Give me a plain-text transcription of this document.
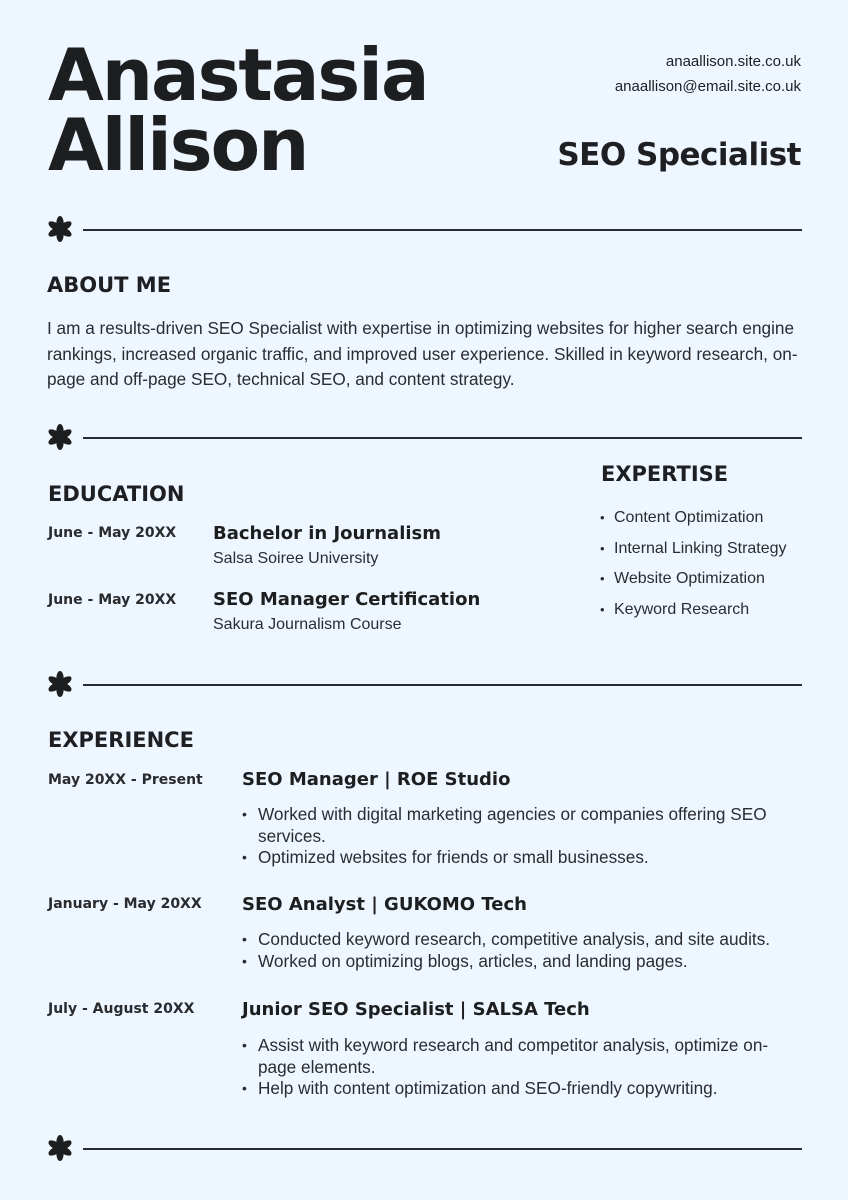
Anastasia
Allison
anaallison.site.co.uk
anaallison@email.site.co.uk
SEO Specialist
ABOUT ME
I am a results-driven SEO Specialist with expertise in optimizing websites for higher search engine rankings, increased organic traffic, and improved user experience. Skilled in keyword research, on-page and off-page SEO, technical SEO, and content strategy.
EDUCATION
June - May 20XX Bachelor in Journalism
Salsa Soiree University
June - May 20XX SEO Manager Certification
Sakura Journalism Course
EXPERTISE
• Content Optimization
• Internal Linking Strategy
• Website Optimization
• Keyword Research
EXPERIENCE
May 20XX - Present SEO Manager | ROE Studio
• Worked with digital marketing agencies or companies offering SEO services.
• Optimized websites for friends or small businesses.
January - May 20XX SEO Analyst | GUKOMO Tech
• Conducted keyword research, competitive analysis, and site audits.
• Worked on optimizing blogs, articles, and landing pages.
July - August 20XX	Junior SEO Specialist | SALSA Tech
• Assist with keyword research and competitor analysis, optimize on-page elements.
• Help with content optimization and SEO-friendly copywriting.
